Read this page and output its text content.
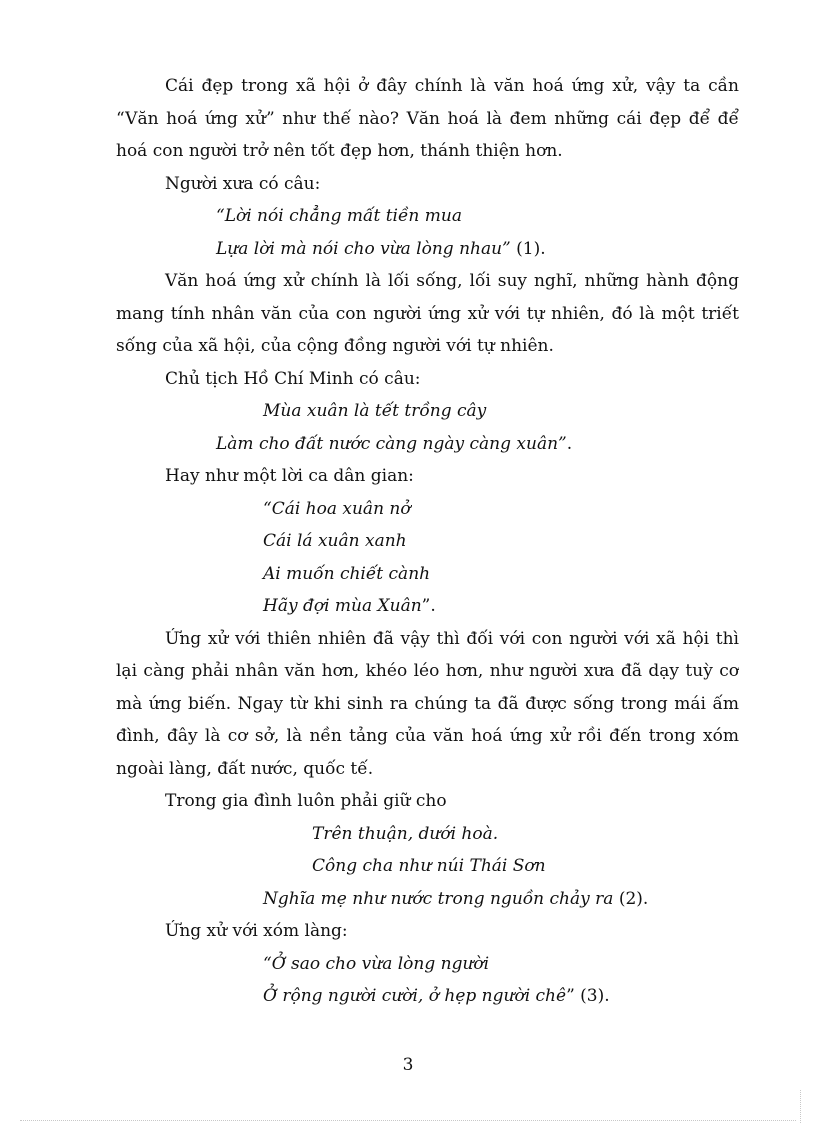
Cái đẹp trong xã hội ở đây chính là văn hoá ứng xử, vậy ta cần
“Văn hoá ứng xử” như thế nào? Văn hoá là đem những cái đẹp để để
hoá con người trở nên tốt đẹp hơn, thánh thiện hơn.
Người xưa có câu:
“Lời nói chẳng mất tiền mua
Lựa lời mà nói cho vừa lòng nhau” (1).
Văn hoá ứng xử chính là lối sống, lối suy nghĩ, những hành động
mang tính nhân văn của con người ứng xử với tự nhiên, đó là một triết
sống của xã hội, của cộng đồng người với tự nhiên.
Chủ tịch Hồ Chí Minh có câu:
Mùa xuân là tết trồng cây
Làm cho đất nước càng ngày càng xuân”.
Hay như một lời ca dân gian:
“Cái hoa xuân nở
Cái lá xuân xanh
Ai muốn chiết cành
Hãy đợi mùa Xuân”.
Ứng xử với thiên nhiên đã vậy thì đối với con người với xã hội thì
lại càng phải nhân văn hơn, khéo léo hơn, như người xưa đã dạy tuỳ cơ
mà ứng biến. Ngay từ khi sinh ra chúng ta đã được sống trong mái ấm
đình, đây là cơ sở, là nền tảng của văn hoá ứng xử rồi đến trong xóm
ngoài làng, đất nước, quốc tế.
Trong gia đình luôn phải giữ cho
Trên thuận, dưới hoà.
Công cha như núi Thái Sơn
Nghĩa mẹ như nước trong nguồn chảy ra (2).
Ứng xử với xóm làng:
“Ở sao cho vừa lòng người
Ở rộng người cười, ở hẹp người chê” (3).
3
